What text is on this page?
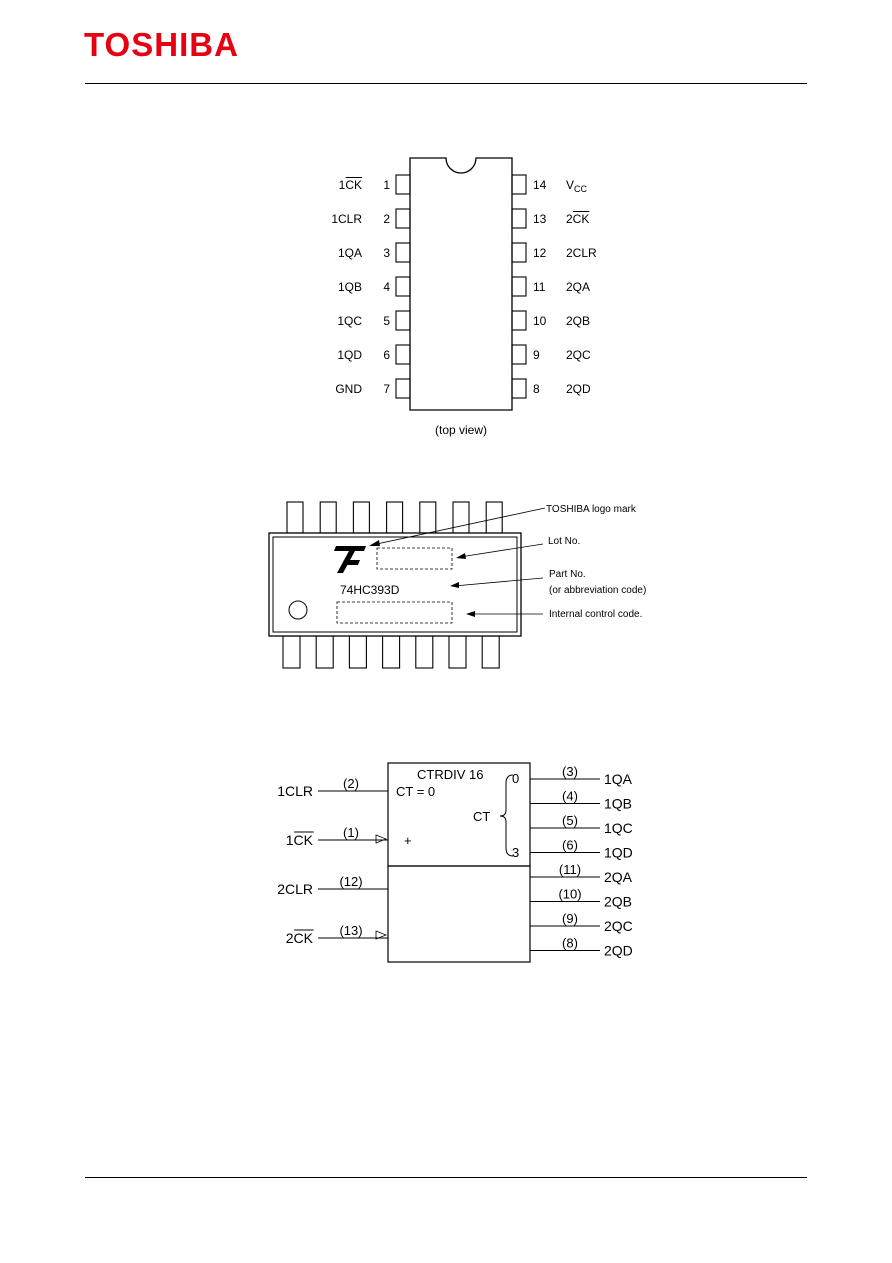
TOSHIBA
1
1CK
2
1CLR
3
1QA
4
1QB
5
1QC
6
1QD
7
GND
14 $V_{CC}$
13 2CK
12 2CLR
11 2QA
10 2QB
9 2QC
8 2QD
(top view)
74HC393D
TOSHIBA logo mark
Lot No.
Part No.
(or abbreviation code)
Internal control code.
CTRDIV 16
CT = 0
CT
+
0
3
(2)
1CLR
(1)
1CK
(12)
2CLR
(13)
2CK
(3) 1QA
(4) 1QB
(5) 1QC
(6) 1QD
(11) 2QA
(10) 2QB
(9) 2QC
(8) 2QD
